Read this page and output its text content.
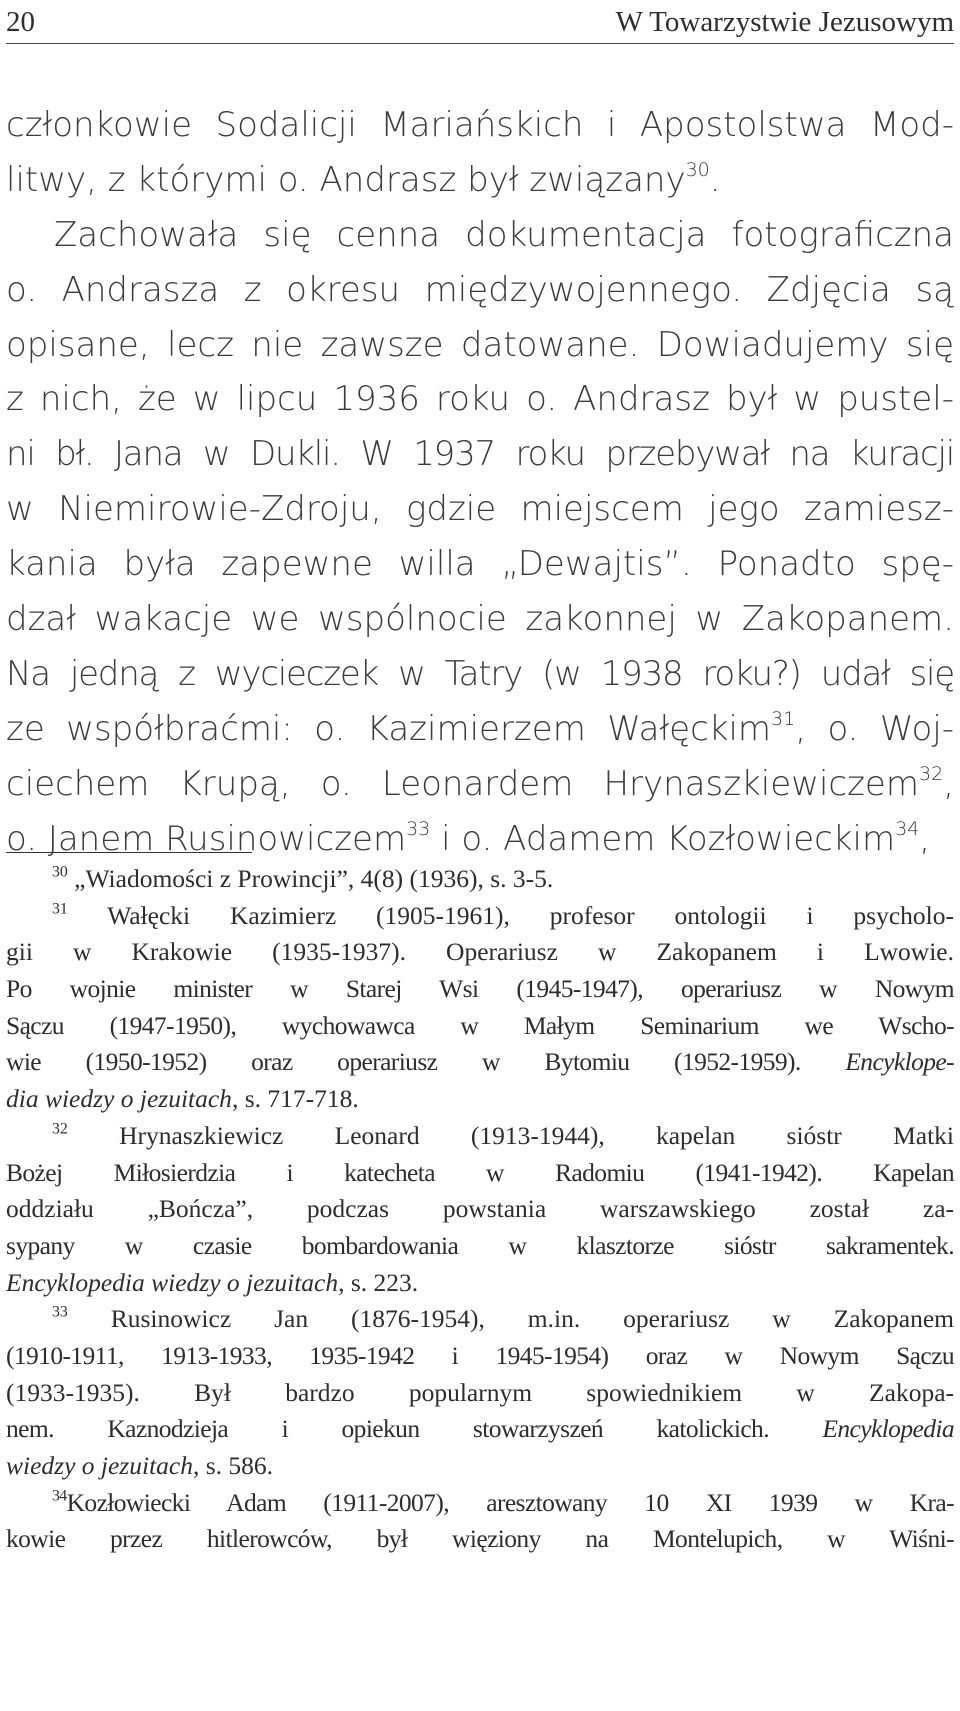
20	W Towarzystwie Jezusowym
członkowie Sodalicji Mariańskich i Apostolstwa Mod-
litwy, z którymi o. Andrasz był związany$^{30}$.
Zachowała się cenna dokumentacja fotograficzna
o. Andrasza z okresu międzywojennego. Zdjęcia są
opisane, lecz nie zawsze datowane. Dowiadujemy się
z nich, że w lipcu 1936 roku o. Andrasz był w pustel-
ni bł. Jana w Dukli. W 1937 roku przebywał na kuracji
w Niemirowie-Zdroju, gdzie miejscem jego zamiesz-
kania była zapewne willa „Dewajtis”. Ponadto spę-
dzał wakacje we wspólnocie zakonnej w Zakopanem.
Na jedną z wycieczek w Tatry (w 1938 roku?) udał się
ze współbraćmi: o. Kazimierzem Wałęckim$^{31}$, o. Woj-
ciechem Krupą, o. Leonardem Hrynaszkiewiczem$^{32}$,
o. Janem Rusinowiczem$^{33}$ i o. Adamem Kozłowieckim$^{34}$,
$^{30}$ „Wiadomości z Prowincji”, 4(8) (1936), s. 3-5.
$^{31}$ Wałęcki Kazimierz (1905-1961), profesor ontologii i psycholo-
gii w Krakowie (1935-1937). Operariusz w Zakopanem i Lwowie.
Po wojnie minister w Starej Wsi (1945-1947), operariusz w Nowym
Sączu (1947-1950), wychowawca w Małym Seminarium we Wscho-
wie (1950-1952) oraz operariusz w Bytomiu (1952-1959). Encyklope-
dia wiedzy o jezuitach, s. 717-718.
$^{32}$ Hrynaszkiewicz Leonard (1913-1944), kapelan sióstr Matki
Bożej Miłosierdzia i katecheta w Radomiu (1941-1942). Kapelan
oddziału „Bończa”, podczas powstania warszawskiego został za-
sypany w czasie bombardowania w klasztorze sióstr sakramentek.
Encyklopedia wiedzy o jezuitach, s. 223.
$^{33}$ Rusinowicz Jan (1876-1954), m.in. operariusz w Zakopanem
(1910-1911, 1913-1933, 1935-1942 i 1945-1954) oraz w Nowym Sączu
(1933-1935). Był bardzo popularnym spowiednikiem w Zakopa-
nem. Kaznodzieja i opiekun stowarzyszeń katolickich. Encyklopedia
wiedzy o jezuitach, s. 586.
$^{34}$Kozłowiecki Adam (1911-2007), aresztowany 10 XI 1939 w Kra-
kowie przez hitlerowców, był więziony na Montelupich, w Wiśni-
